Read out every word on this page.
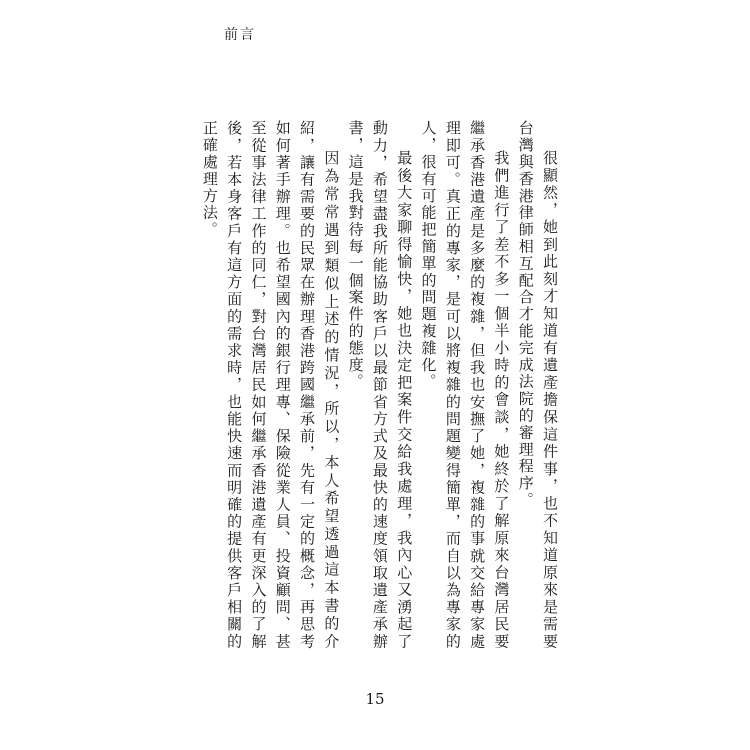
前言

很顯然，她到此刻才知道有遺產擔保這件事，也不知道原來是需要台灣與香港律師相互配合才能完成法院的審理程序。

我們進行了差不多一個半小時的會談，她終於了解原來台灣居民要繼承香港遺產是多麼的複雜，但我也安撫了她，複雜的事就交給專家處理即可。真正的專家，是可以將複雜的問題變得簡單，而自以為專家的人，很有可能把簡單的問題複雜化。

最後大家聊得愉快，她也決定把案件交給我處理，我內心又湧起了動力，希望盡我所能協助客戶以最節省方式及最快的速度領取遺產承辦書，這是我對待每一個案件的態度。

因為常常遇到類似上述的情況，所以，本人希望透過這本書的介紹，讓有需要的民眾在辦理香港跨國繼承前，先有一定的概念，再思考如何著手辦理。也希望國內的銀行理專、保險從業人員、投資顧問、甚至從事法律工作的同仁，對台灣居民如何繼承香港遺產有更深入的了解後，若本身客戶有這方面的需求時，也能快速而明確的提供客戶相關的正確處理方法。

15
